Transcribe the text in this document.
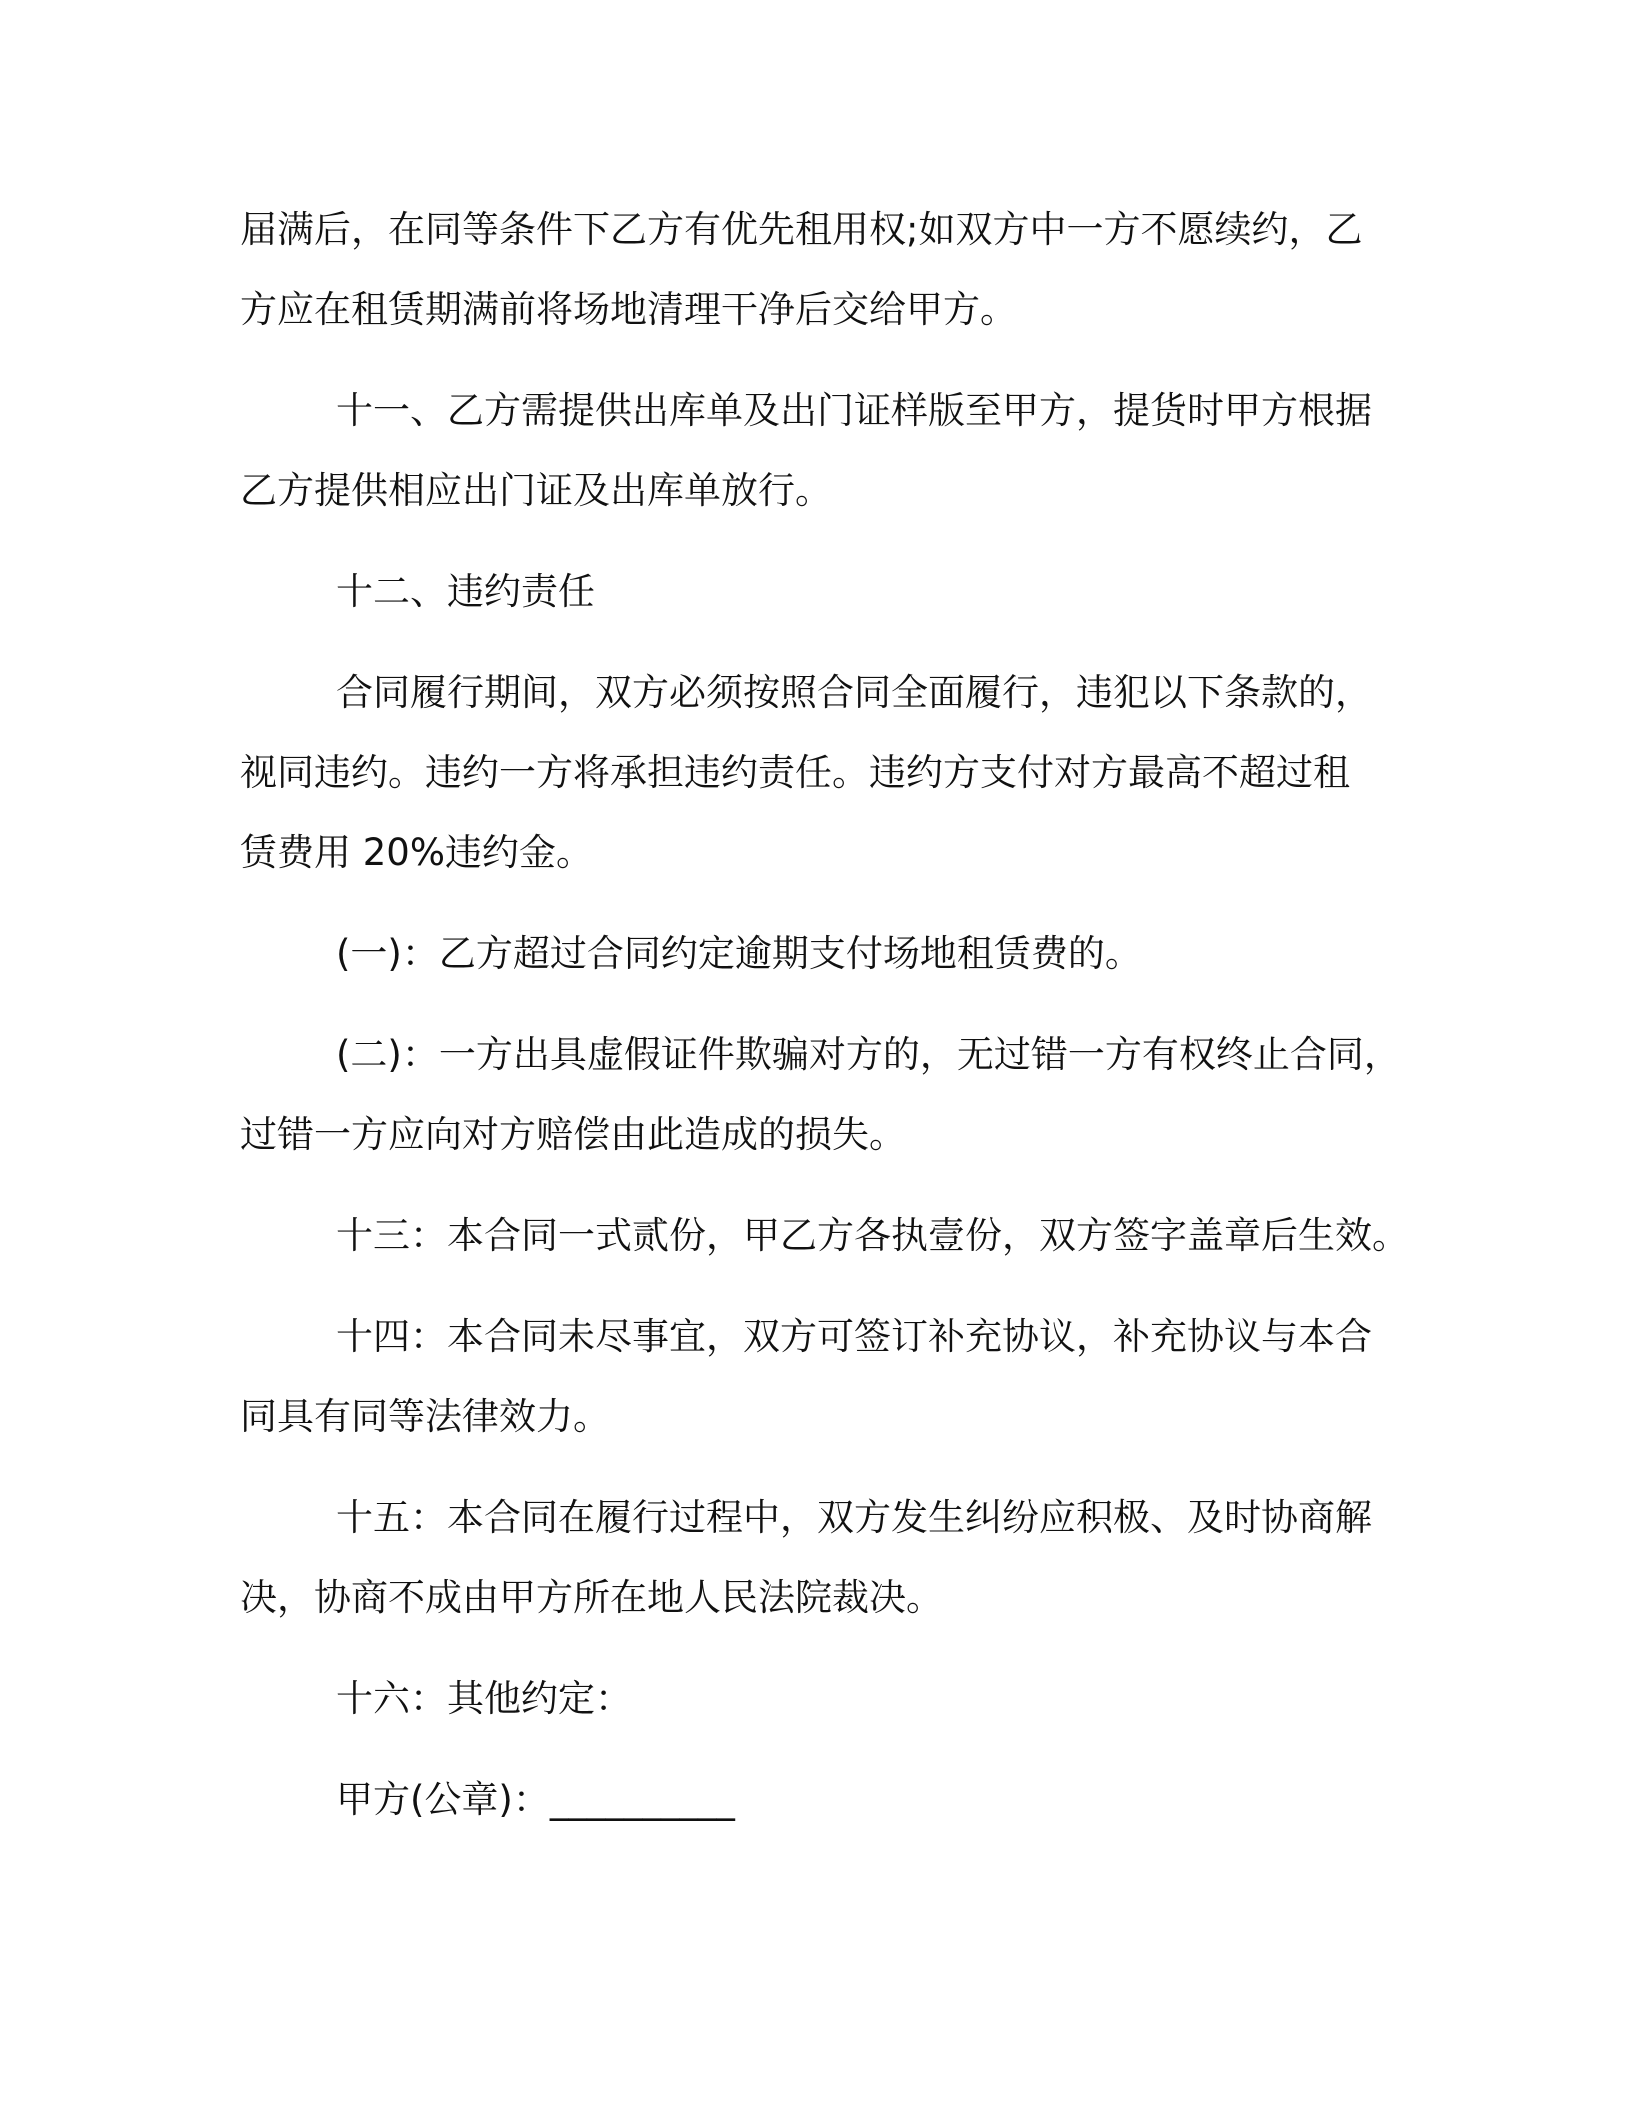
届满后，在同等条件下乙方有优先租用权;如双方中一方不愿续约，乙
方应在租赁期满前将场地清理干净后交给甲方。

十一、乙方需提供出库单及出门证样版至甲方，提货时甲方根据
乙方提供相应出门证及出库单放行。

十二、违约责任

合同履行期间，双方必须按照合同全面履行，违犯以下条款的，
视同违约。违约一方将承担违约责任。违约方支付对方最高不超过租
赁费用 20%违约金。

(一)：乙方超过合同约定逾期支付场地租赁费的。

(二)：一方出具虚假证件欺骗对方的，无过错一方有权终止合同，
过错一方应向对方赔偿由此造成的损失。

十三：本合同一式贰份，甲乙方各执壹份，双方签字盖章后生效。

十四：本合同未尽事宜，双方可签订补充协议，补充协议与本合
同具有同等法律效力。

十五：本合同在履行过程中，双方发生纠纷应积极、及时协商解
决，协商不成由甲方所在地人民法院裁决。

十六：其他约定：

甲方(公章)：__________
